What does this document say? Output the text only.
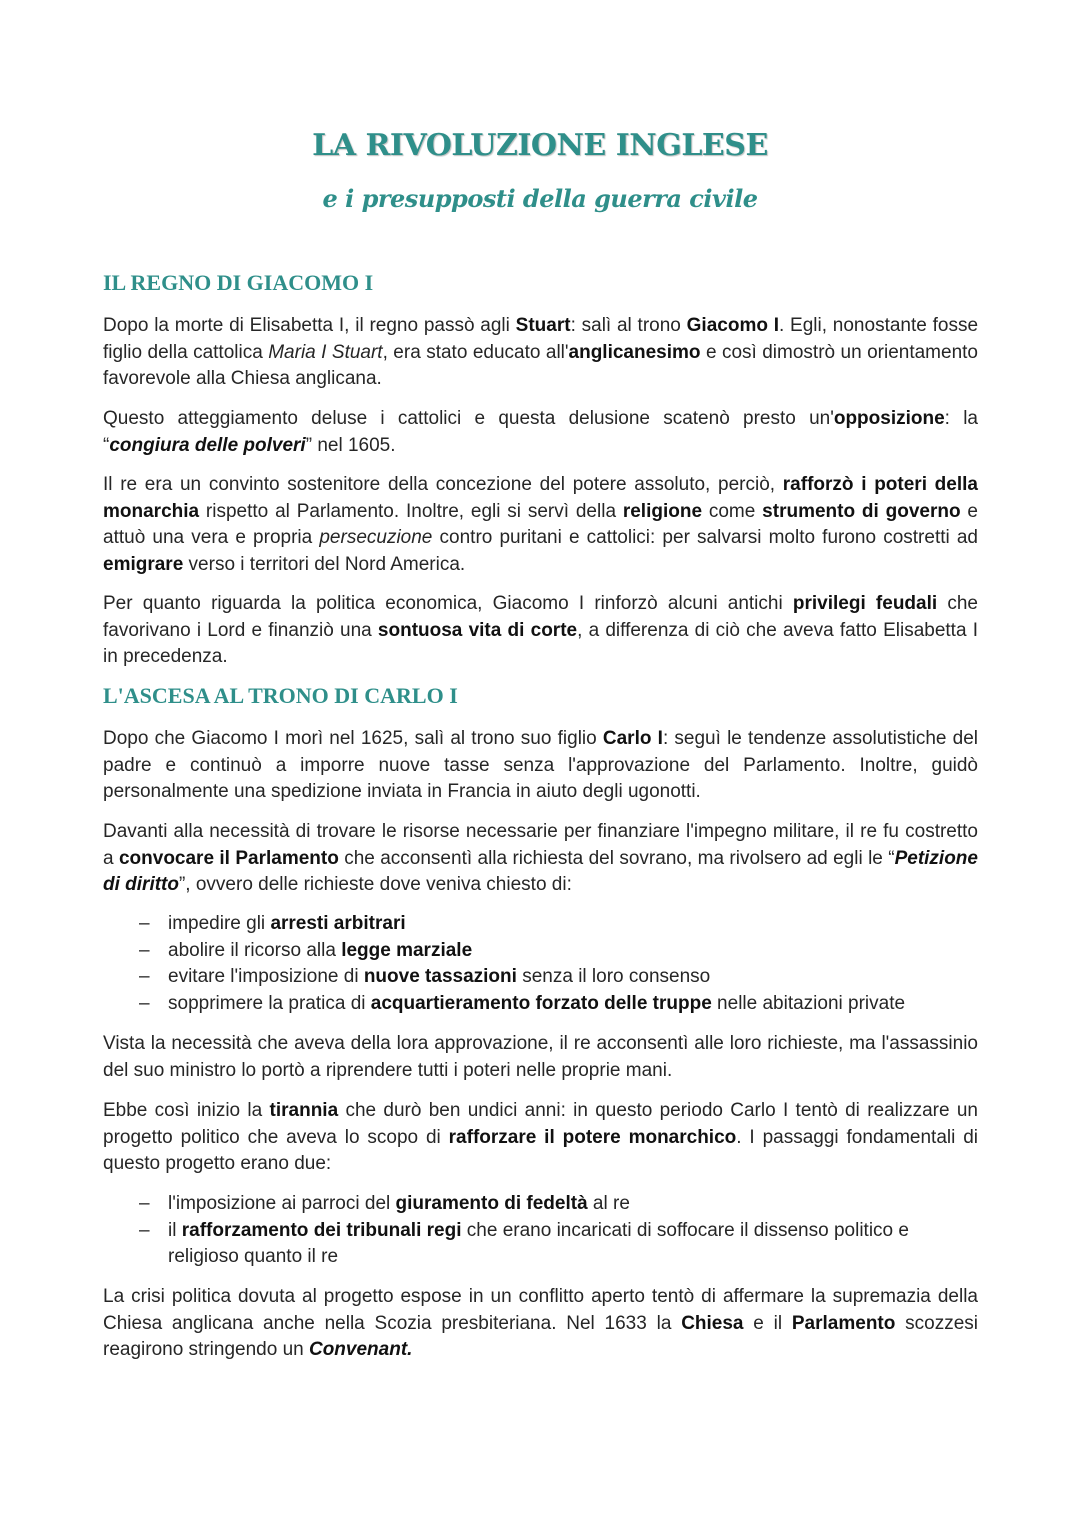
LA RIVOLUZIONE INGLESE
e i presupposti della guerra civile
IL REGNO DI GIACOMO I
Dopo la morte di Elisabetta I, il regno passò agli Stuart: salì al trono Giacomo I. Egli, nonostante fosse figlio della cattolica Maria I Stuart, era stato educato all'anglicanesimo e così dimostrò un orientamento favorevole alla Chiesa anglicana.
Questo atteggiamento deluse i cattolici e questa delusione scatenò presto un'opposizione: la “congiura delle polveri” nel 1605.
Il re era un convinto sostenitore della concezione del potere assoluto, perciò, rafforzò i poteri della monarchia rispetto al Parlamento. Inoltre, egli si servì della religione come strumento di governo e attuò una vera e propria persecuzione contro puritani e cattolici: per salvarsi molto furono costretti ad emigrare verso i territori del Nord America.
Per quanto riguarda la politica economica, Giacomo I rinforzò alcuni antichi privilegi feudali che favorivano i Lord e finanziò una sontuosa vita di corte, a differenza di ciò che aveva fatto Elisabetta I in precedenza.
L'ASCESA AL TRONO DI CARLO I
Dopo che Giacomo I morì nel 1625, salì al trono suo figlio Carlo I: seguì le tendenze assolutistiche del padre e continuò a imporre nuove tasse senza l'approvazione del Parlamento. Inoltre, guidò personalmente una spedizione inviata in Francia in aiuto degli ugonotti.
Davanti alla necessità di trovare le risorse necessarie per finanziare l'impegno militare, il re fu costretto a convocare il Parlamento che acconsentì alla richiesta del sovrano, ma rivolsero ad egli le “Petizione di diritto”, ovvero delle richieste dove veniva chiesto di:
– impedire gli arresti arbitrari
– abolire il ricorso alla legge marziale
– evitare l'imposizione di nuove tassazioni senza il loro consenso
– sopprimere la pratica di acquartieramento forzato delle truppe nelle abitazioni private
Vista la necessità che aveva della lora approvazione, il re acconsentì alle loro richieste, ma l'assassinio del suo ministro lo portò a riprendere tutti i poteri nelle proprie mani.
Ebbe così inizio la tirannia che durò ben undici anni: in questo periodo Carlo I tentò di realizzare un progetto politico che aveva lo scopo di rafforzare il potere monarchico. I passaggi fondamentali di questo progetto erano due:
– l'imposizione ai parroci del giuramento di fedeltà al re
– il rafforzamento dei tribunali regi che erano incaricati di soffocare il dissenso politico e religioso quanto il re
La crisi politica dovuta al progetto espose in un conflitto aperto tentò di affermare la supremazia della Chiesa anglicana anche nella Scozia presbiteriana. Nel 1633 la Chiesa e il Parlamento scozzesi reagirono stringendo un Convenant.
